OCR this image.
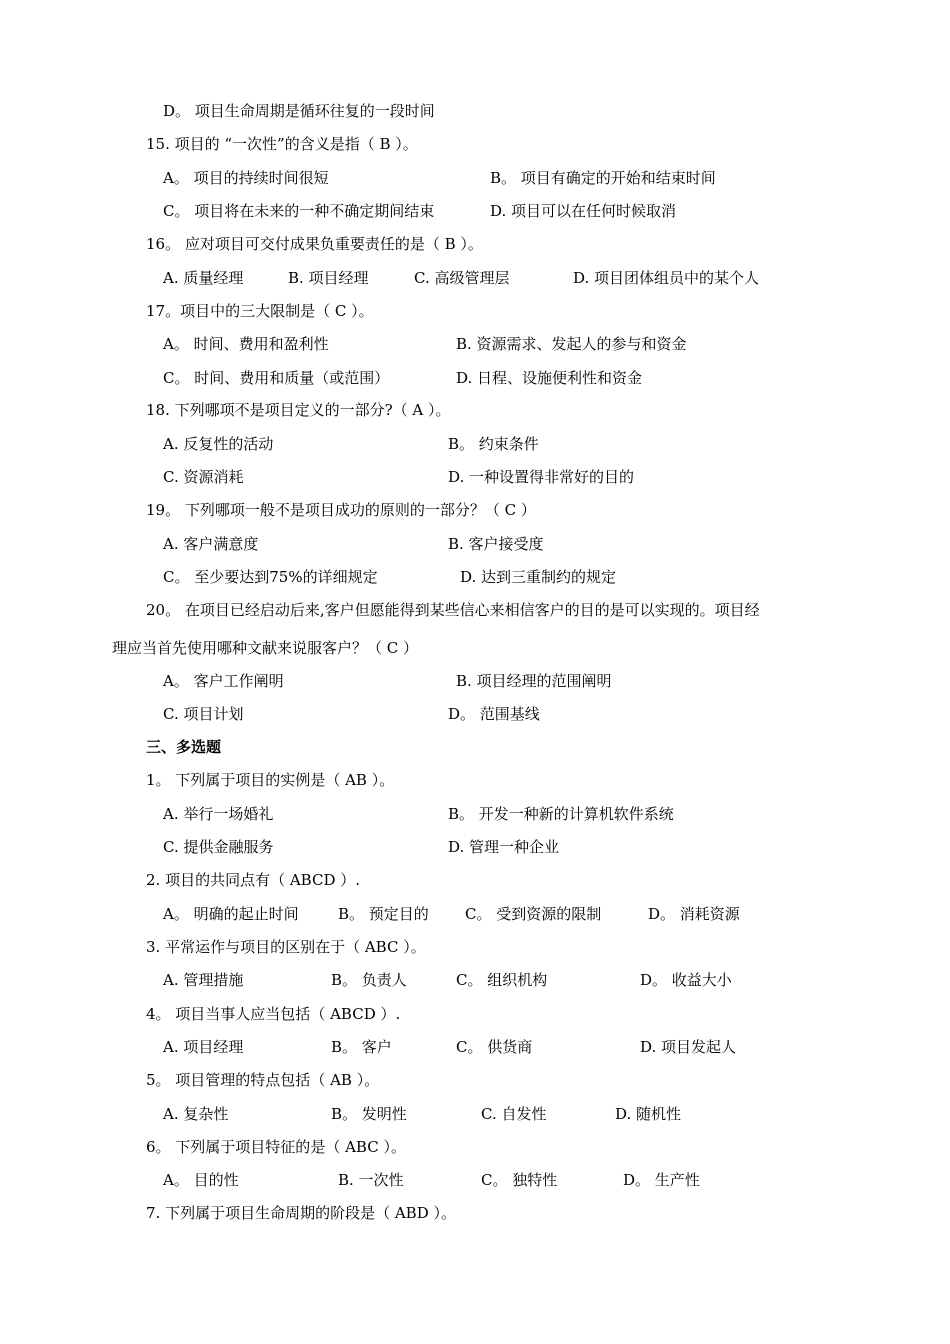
D。 项目生命周期是循环往复的一段时间
15. 项目的 “一次性”的含义是指（ B ）。
A。 项目的持续时间很短	B。 项目有确定的开始和结束时间
C。 项目将在未来的一种不确定期间结束	D. 项目可以在任何时候取消
16。 应对项目可交付成果负重要责任的是（ B ）。
A. 质量经理	B. 项目经理	C. 高级管理层	D. 项目团体组员中的某个人
17。项目中的三大限制是（ C ）。
A。 时间、费用和盈利性	B. 资源需求、发起人的参与和资金
C。 时间、费用和质量（或范围）	D. 日程、设施便利性和资金
18. 下列哪项不是项目定义的一部分?（ A ）。
A. 反复性的活动	B。 约束条件
C. 资源消耗	D. 一种设置得非常好的目的
19。 下列哪项一般不是项目成功的原则的一部分？（ C ）
A. 客户满意度	B. 客户接受度
C。 至少要达到75%的详细规定	D. 达到三重制约的规定
20。 在项目已经启动后来,客户但愿能得到某些信心来相信客户的目的是可以实现的。项目经
理应当首先使用哪种文献来说服客户？（ C ）
A。 客户工作阐明	B. 项目经理的范围阐明
C. 项目计划	D。 范围基线
三、多选题
1。 下列属于项目的实例是（ AB ）。
A. 举行一场婚礼	B。 开发一种新的计算机软件系统
C. 提供金融服务	D. 管理一种企业
2. 项目的共同点有（ ABCD ）.
A。 明确的起止时间	B。 预定目的 C。 受到资源的限制	D。 消耗资源
3. 平常运作与项目的区别在于（ ABC ）。
A. 管理措施	B。 负责人	C。 组织机构	D。 收益大小
4。 项目当事人应当包括（ ABCD ）.
A. 项目经理	B。 客户	C。 供货商	D. 项目发起人
5。 项目管理的特点包括（ AB ）。
A. 复杂性	B。 发明性	C. 自发性	D. 随机性
6。 下列属于项目特征的是（ ABC ）。
A。 目的性	B. 一次性	C。 独特性	D。 生产性
7. 下列属于项目生命周期的阶段是（ ABD ）。
